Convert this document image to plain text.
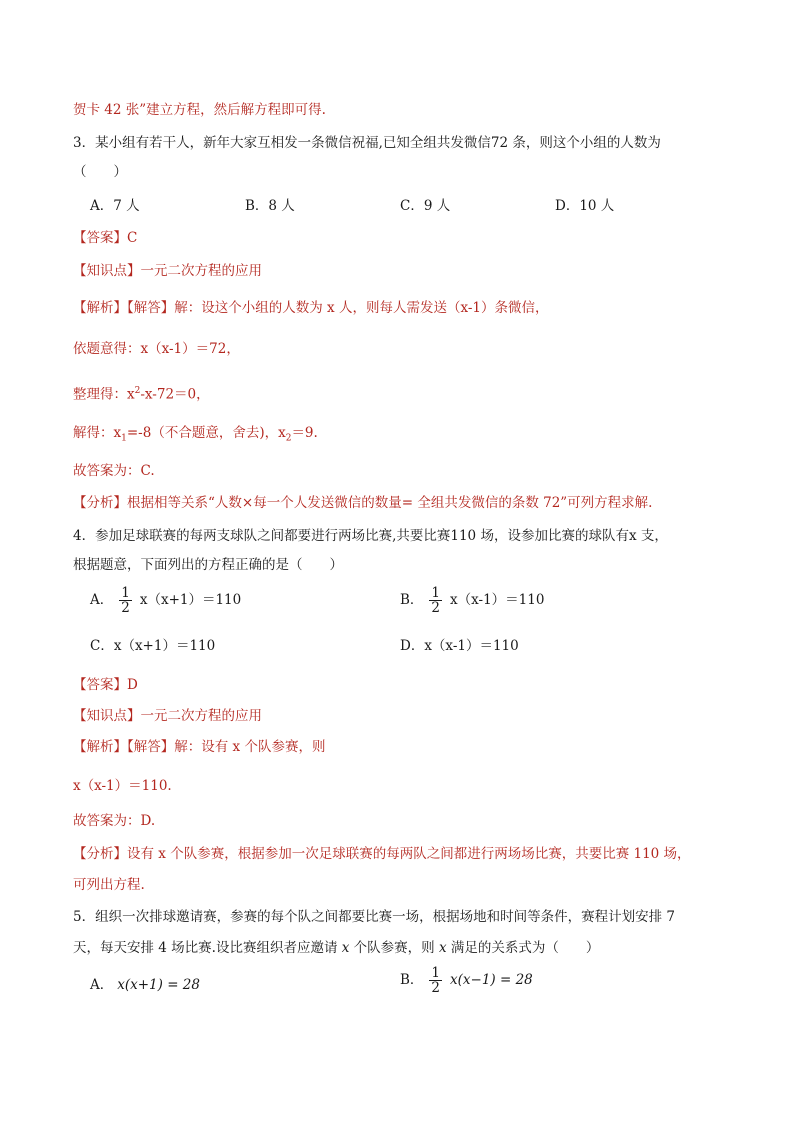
贺卡 42 张”建立方程，然后解方程即可得.
3．某小组有若干人，新年大家互相发一条微信祝福,已知全组共发微信72 条，则这个小组的人数为
（　　）
A．7 人	B．8 人	C．9 人	D．10 人
【答案】C
【知识点】一元二次方程的应用
【解析】【解答】解：设这个小组的人数为 x 人，则每人需发送（x-1）条微信，
依题意得：x（x-1）＝72，
整理得：$x^2-x-72=0$，
解得：$x_1=-8$（不合题意，舍去)，$x_2=9$.
故答案为：C.
【分析】根据相等关系“人数×每一个人发送微信的数量= 全组共发微信的条数 72”可列方程求解.
4．参加足球联赛的每两支球队之间都要进行两场比赛,共要比赛110 场，设参加比赛的球队有x 支，
根据题意，下面列出的方程正确的是（　　）
A． $\frac{1}{2} x(x+1)=110$	B． $\frac{1}{2} x(x-1)=110$
C．x（x+1）＝110	D．x（x-1）＝110
【答案】D
【知识点】一元二次方程的应用
【解析】【解答】解：设有 x 个队参赛，则
x（x-1）＝110.
故答案为：D.
【分析】设有 x 个队参赛，根据参加一次足球联赛的每两队之间都进行两场场比赛，共要比赛 110 场，
可列出方程.
5．组织一次排球邀请赛，参赛的每个队之间都要比赛一场，根据场地和时间等条件，赛程计划安排 7
天，每天安排 4 场比赛.设比赛组织者应邀请 x 个队参赛，则 x 满足的关系式为（　　）
A． x(x+1) = 28	B． $\frac{1}{2} x(x-1) = 28$
